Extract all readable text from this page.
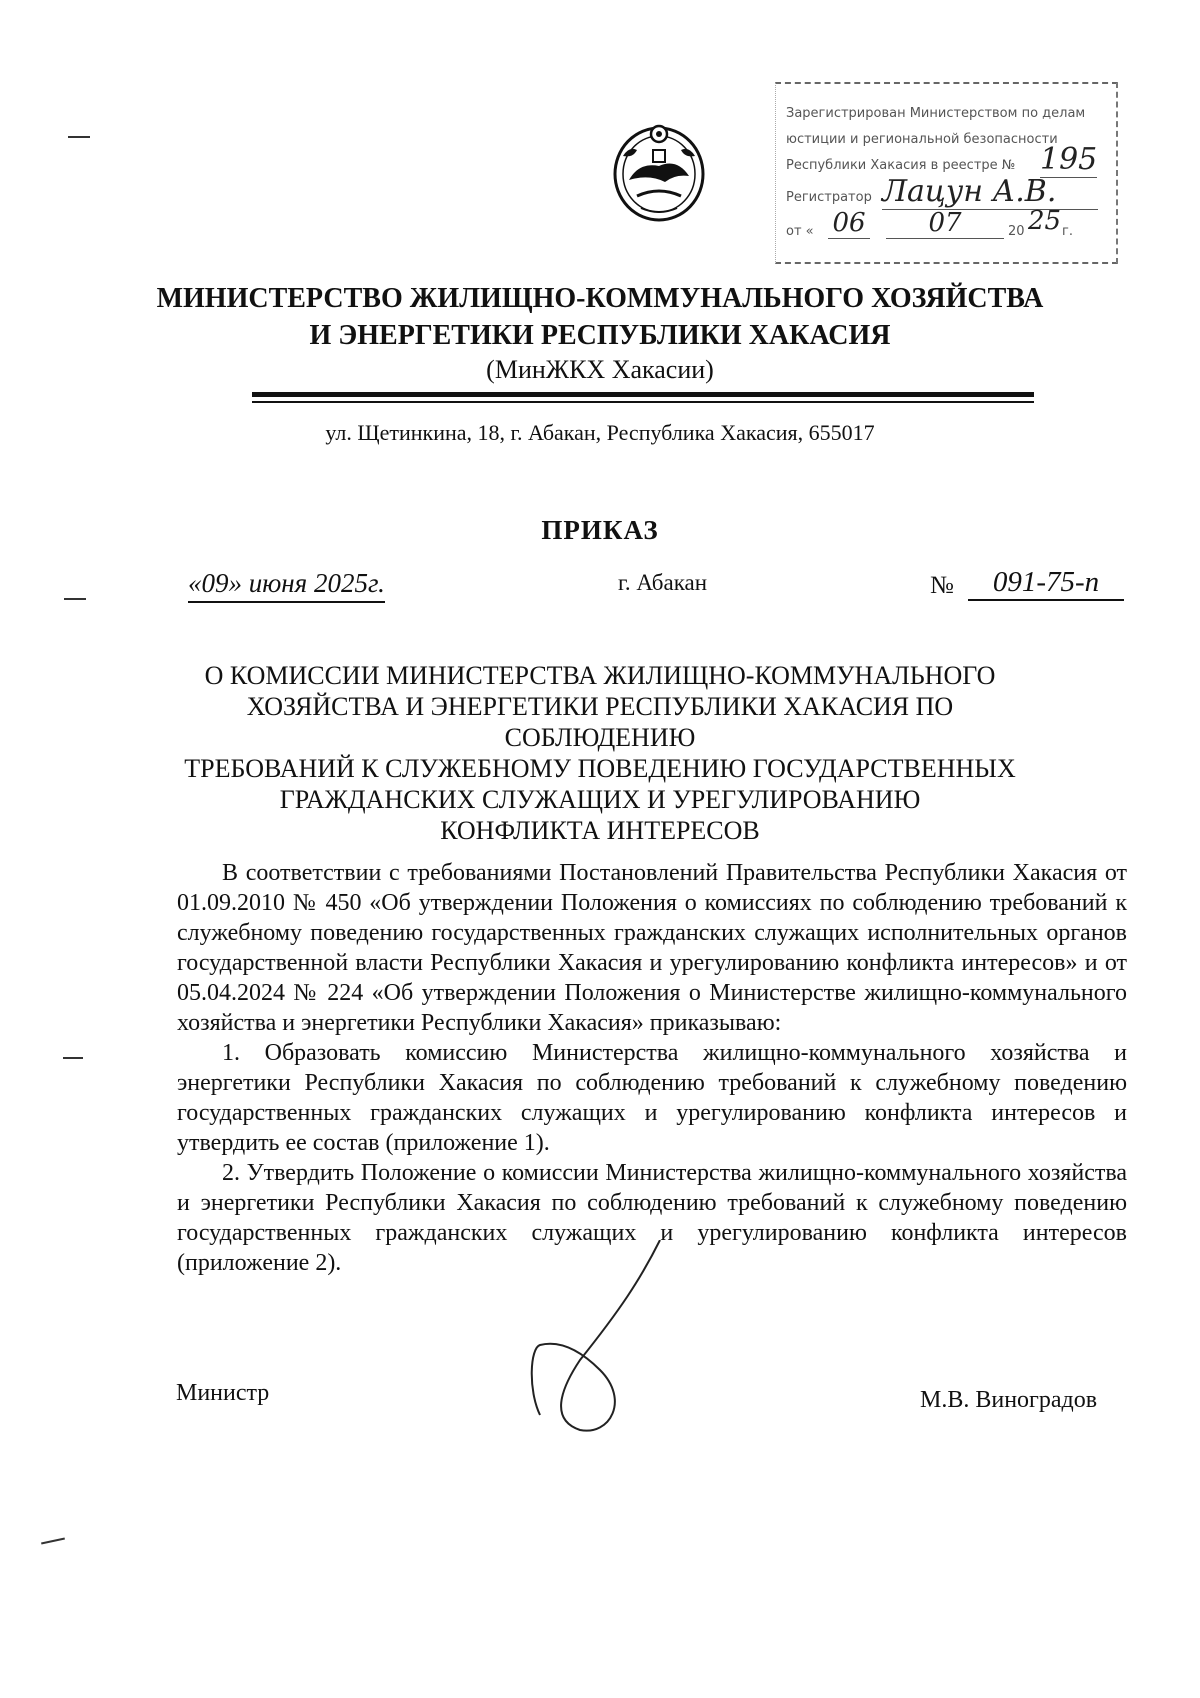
Зарегистрирован Министерством по делам
юстиции и региональной безопасности
Республики Хакасия в реестре № 195
Регистратор Лацун А.В.
от « 06	07	20 25 г.
МИНИСТЕРСТВО ЖИЛИЩНО-КОММУНАЛЬНОГО ХОЗЯЙСТВА
И ЭНЕРГЕТИКИ РЕСПУБЛИКИ ХАКАСИЯ
(МинЖКХ Хакасии)
ул. Щетинкина, 18, г. Абакан, Республика Хакасия, 655017
ПРИКАЗ
«09» июня 2025г.	г. Абакан	№	091-75-п
О КОМИССИИ МИНИСТЕРСТВА ЖИЛИЩНО-КОММУНАЛЬНОГО
ХОЗЯЙСТВА И ЭНЕРГЕТИКИ РЕСПУБЛИКИ ХАКАСИЯ ПО СОБЛЮДЕНИЮ
ТРЕБОВАНИЙ К СЛУЖЕБНОМУ ПОВЕДЕНИЮ ГОСУДАРСТВЕННЫХ
ГРАЖДАНСКИХ СЛУЖАЩИХ И УРЕГУЛИРОВАНИЮ
КОНФЛИКТА ИНТЕРЕСОВ

В соответствии с требованиями Постановлений Правительства Республики Хакасия от 01.09.2010 № 450 «Об утверждении Положения о комиссиях по соблюдению требований к служебному поведению государственных гражданских служащих исполнительных органов государственной власти Республики Хакасия и урегулированию конфликта интересов» и от 05.04.2024 № 224 «Об утверждении Положения о Министерстве жилищно-коммунального хозяйства и энергетики Республики Хакасия» приказываю:

1. Образовать комиссию Министерства жилищно-коммунального хозяйства и энергетики Республики Хакасия по соблюдению требований к служебному поведению государственных гражданских служащих и урегулированию конфликта интересов и утвердить ее состав (приложение 1).

2. Утвердить Положение о комиссии Министерства жилищно-коммунального хозяйства и энергетики Республики Хакасия по соблюдению требований к служебному поведению государственных гражданских служащих и урегулированию конфликта интересов (приложение 2).

Министр	М.В. Виноградов
